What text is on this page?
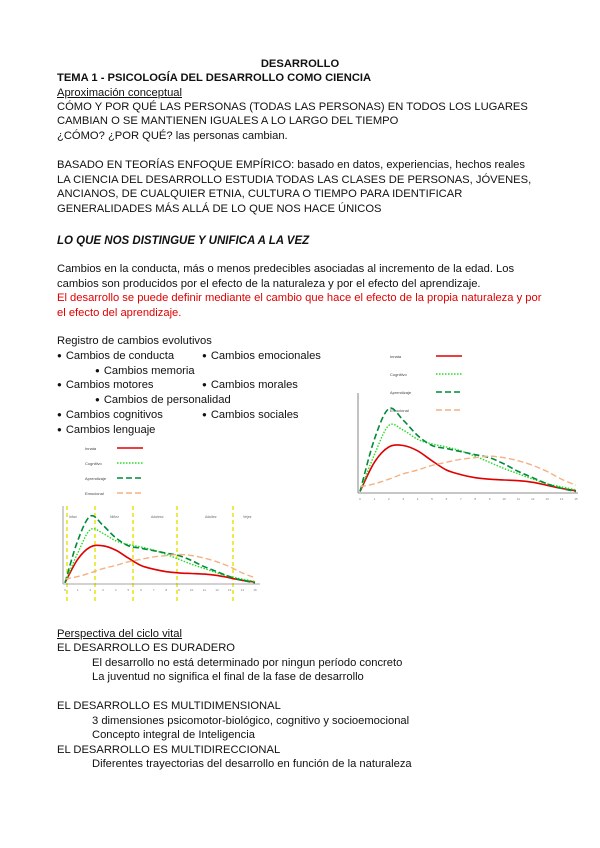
DESARROLLO
TEMA 1 - PSICOLOGÍA DEL DESARROLLO COMO CIENCIA
Aproximación conceptual
CÓMO Y POR QUÉ LAS PERSONAS (TODAS LAS PERSONAS) EN TODOS LOS LUGARES
CAMBIAN O SE MANTIENEN IGUALES A LO LARGO DEL TIEMPO
¿CÓMO? ¿POR QUÉ? las personas cambian.
BASADO EN TEORÍAS ENFOQUE EMPÍRICO: basado en datos, experiencias, hechos reales
LA CIENCIA DEL DESARROLLO ESTUDIA TODAS LAS CLASES DE PERSONAS, JÓVENES,
ANCIANOS, DE CUALQUIER ETNIA, CULTURA O TIEMPO PARA IDENTIFICAR
GENERALIDADES MÁS ALLÁ DE LO QUE NOS HACE ÚNICOS
LO QUE NOS DISTINGUE Y UNIFICA A LA VEZ
Cambios en la conducta, más o menos predecibles asociadas al incremento de la edad. Los
cambios son producidos por el efecto de la naturaleza y por el efecto del aprendizaje.
El desarrollo se puede definir mediante el cambio que hace el efecto de la propia naturaleza y por
el efecto del aprendizaje.
Registro de cambios evolutivos
● Cambios de conducta	● Cambios emocionales
● Cambios memoria
● Cambios motores	● Cambios morales
● Cambios de personalidad
● Cambios cognitivos	● Cambios sociales
● Cambios lenguaje
Innata
Cognitivo
Aprendizaje
Emocional
Infan	Niñez	Adolesc	Adultez	Vejez
0	1	2	3	4	5	6	7	8	9	10	11	12	13	14	15
Innata
Cognitivo
Aprendizaje
Emocional
0	1	2	3	4	5	6	7	8	9	10	11	12	13	14	15
Perspectiva del ciclo vital
EL DESARROLLO ES DURADERO
El desarrollo no está determinado por ningun período concreto
La juventud no significa el final de la fase de desarrollo
EL DESARROLLO ES MULTIDIMENSIONAL
3 dimensiones psicomotor-biológico, cognitivo y socioemocional
Concepto integral de Inteligencia
EL DESARROLLO ES MULTIDIRECCIONAL
Diferentes trayectorias del desarrollo en función de la naturaleza
